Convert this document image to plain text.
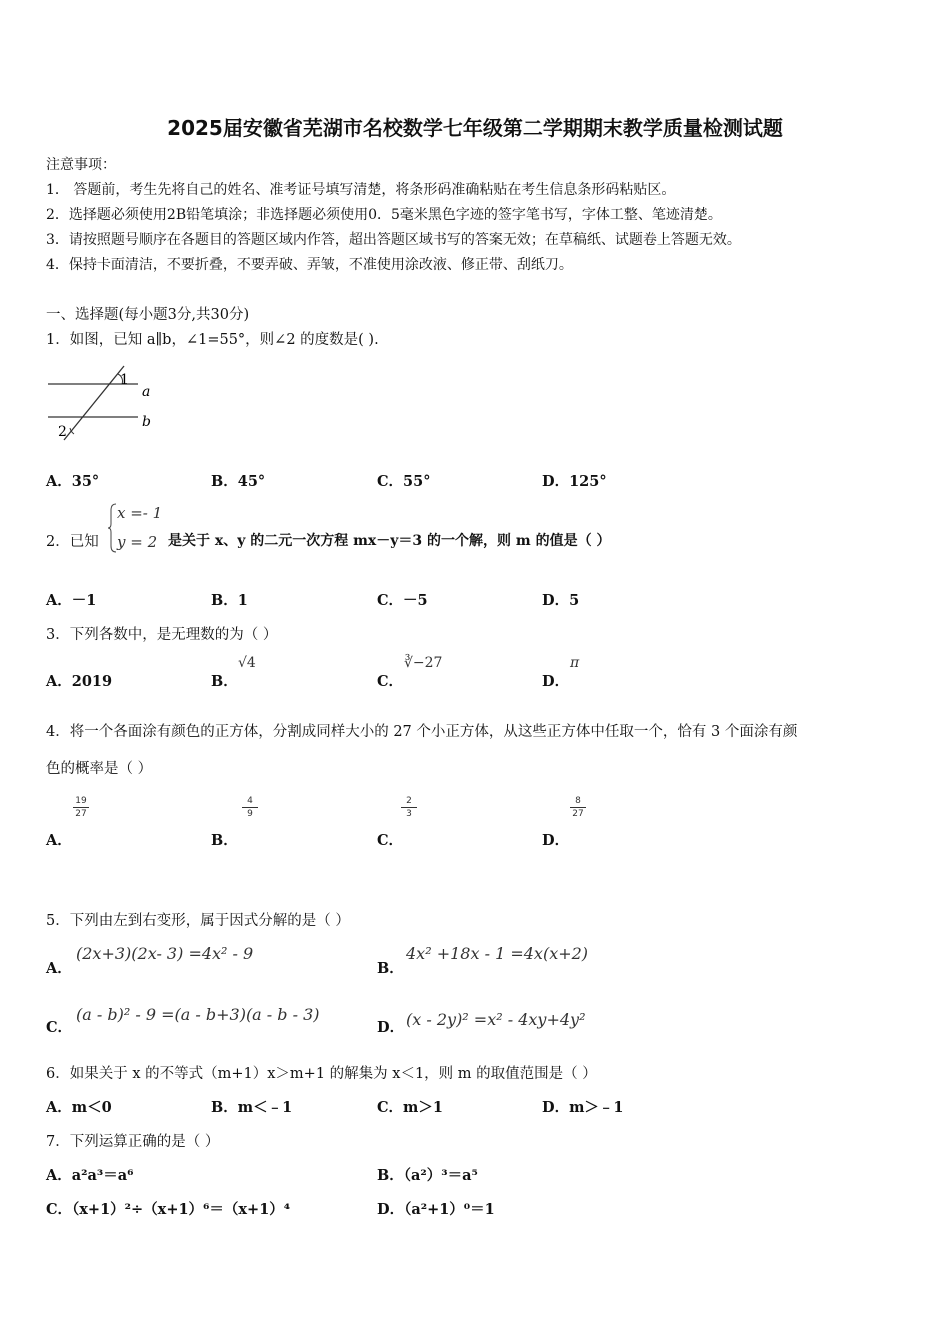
2025届安徽省芜湖市名校数学七年级第二学期期末教学质量检测试题
注意事项：
1． 答题前，考生先将自己的姓名、准考证号填写清楚，将条形码准确粘贴在考生信息条形码粘贴区。
2．选择题必须使用2B铅笔填涂；非选择题必须使用0．5毫米黑色字迹的签字笔书写，字体工整、笔迹清楚。
3．请按照题号顺序在各题目的答题区域内作答，超出答题区域书写的答案无效；在草稿纸、试题卷上答题无效。
4．保持卡面清洁，不要折叠，不要弄破、弄皱，不准使用涂改液、修正带、刮纸刀。
一、选择题(每小题3分,共30分)
1．如图，已知 a∥b，∠1=55°，则∠2 的度数是( ).
1
a
b
2
A．35°	B．45°	C．55°	D．125°
2．已知
x =- 1
y = 2 是关于 x、y 的二元一次方程 mx－y＝3 的一个解，则 m 的值是（ ）
A．－1	B．1	C．－5	D．5
3．下列各数中，是无理数的为（ ）
A．2019	B．
√4
C．
∛−27
D．
π
4．将一个各面涂有颜色的正方体，分割成同样大小的 27 个小正方体，从这些正方体中任取一个，恰有 3 个面涂有颜
色的概率是（ ）
A．
19
27
B．
4
9
C．
2
3
D．
8
27
5．下列由左到右变形，属于因式分解的是（ ）
A．
(2x+3)(2x- 3) =4x² - 9
B．
4x² +18x - 1 =4x(x+2)
C．
(a - b)² - 9 =(a - b+3)(a - b - 3)
D． (x - 2y)² =x² - 4xy+4y²
6．如果关于 x 的不等式（m+1）x＞m+1 的解集为 x＜1，则 m 的取值范围是（ ）
A．m＜0	B．m＜﹣1	C．m＞1	D．m＞﹣1
7．下列运算正确的是（ ）
A．a²a³＝a⁶	B．（a²）³＝a⁵
C．（x+1）²÷（x+1）⁶＝（x+1）⁴	D．（a²+1）⁰＝1
